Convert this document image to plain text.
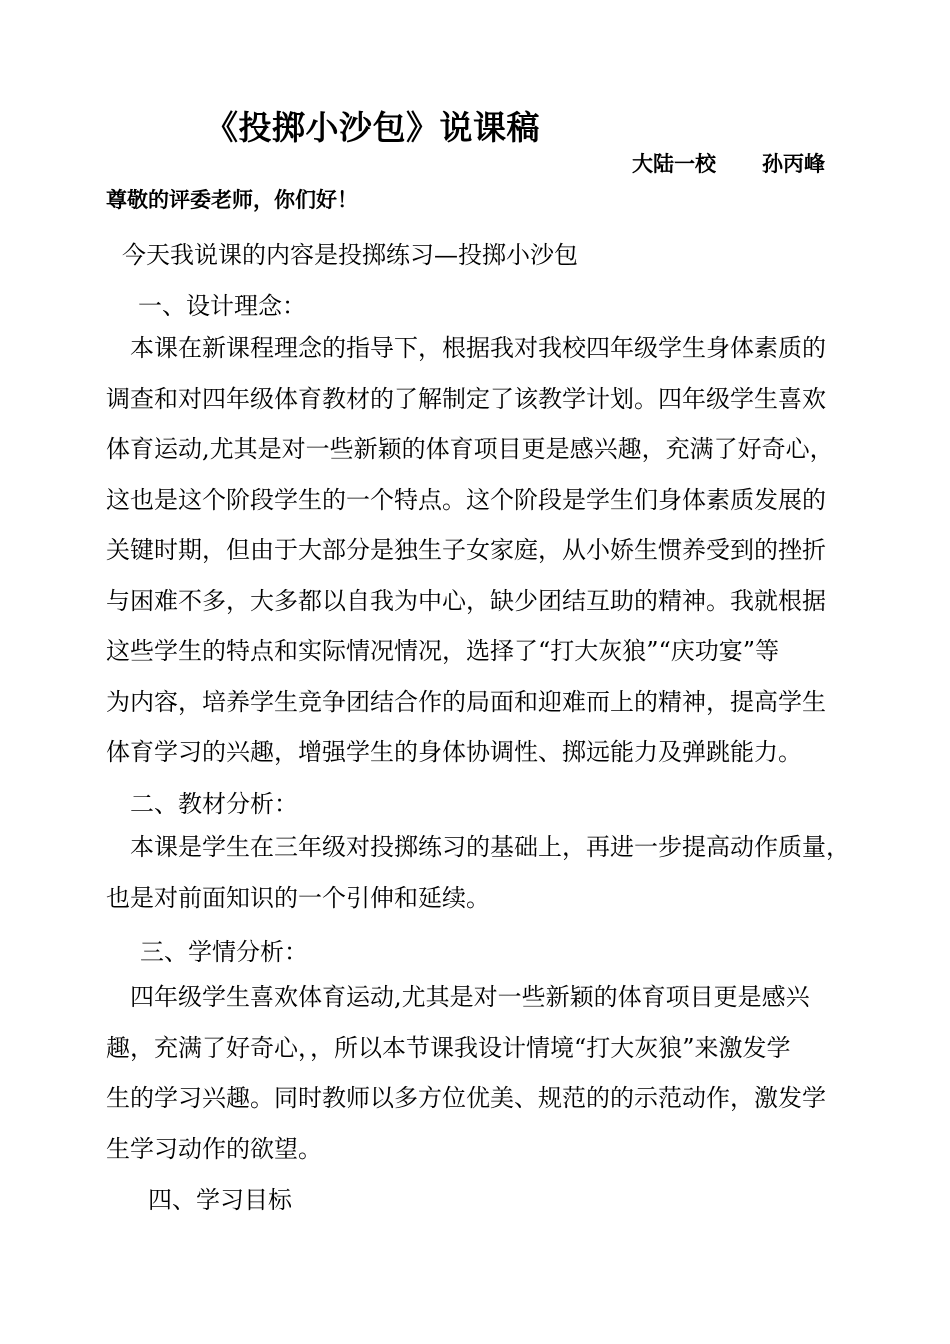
《投掷小沙包》说课稿
大陆一校 孙丙峰
尊敬的评委老师，你们好！
今天我说课的内容是投掷练习—投掷小沙包
一、设计理念：
本课在新课程理念的指导下，根据我对我校四年级学生身体素质的
调查和对四年级体育教材的了解制定了该教学计划。四年级学生喜欢
体育运动,尤其是对一些新颖的体育项目更是感兴趣，充满了好奇心，
这也是这个阶段学生的一个特点。这个阶段是学生们身体素质发展的
关键时期，但由于大部分是独生子女家庭，从小娇生惯养受到的挫折
与困难不多，大多都以自我为中心，缺少团结互助的精神。我就根据
这些学生的特点和实际情况情况，选择了“打大灰狼”“庆功宴”等
为内容，培养学生竞争团结合作的局面和迎难而上的精神，提高学生
体育学习的兴趣，增强学生的身体协调性、掷远能力及弹跳能力。
二、教材分析：
本课是学生在三年级对投掷练习的基础上，再进一步提高动作质量，
也是对前面知识的一个引伸和延续。
三、学情分析：
四年级学生喜欢体育运动,尤其是对一些新颖的体育项目更是感兴
趣，充满了好奇心，，所以本节课我设计情境“打大灰狼”来激发学
生的学习兴趣。同时教师以多方位优美、规范的的示范动作，激发学
生学习动作的欲望。
四、学习目标
